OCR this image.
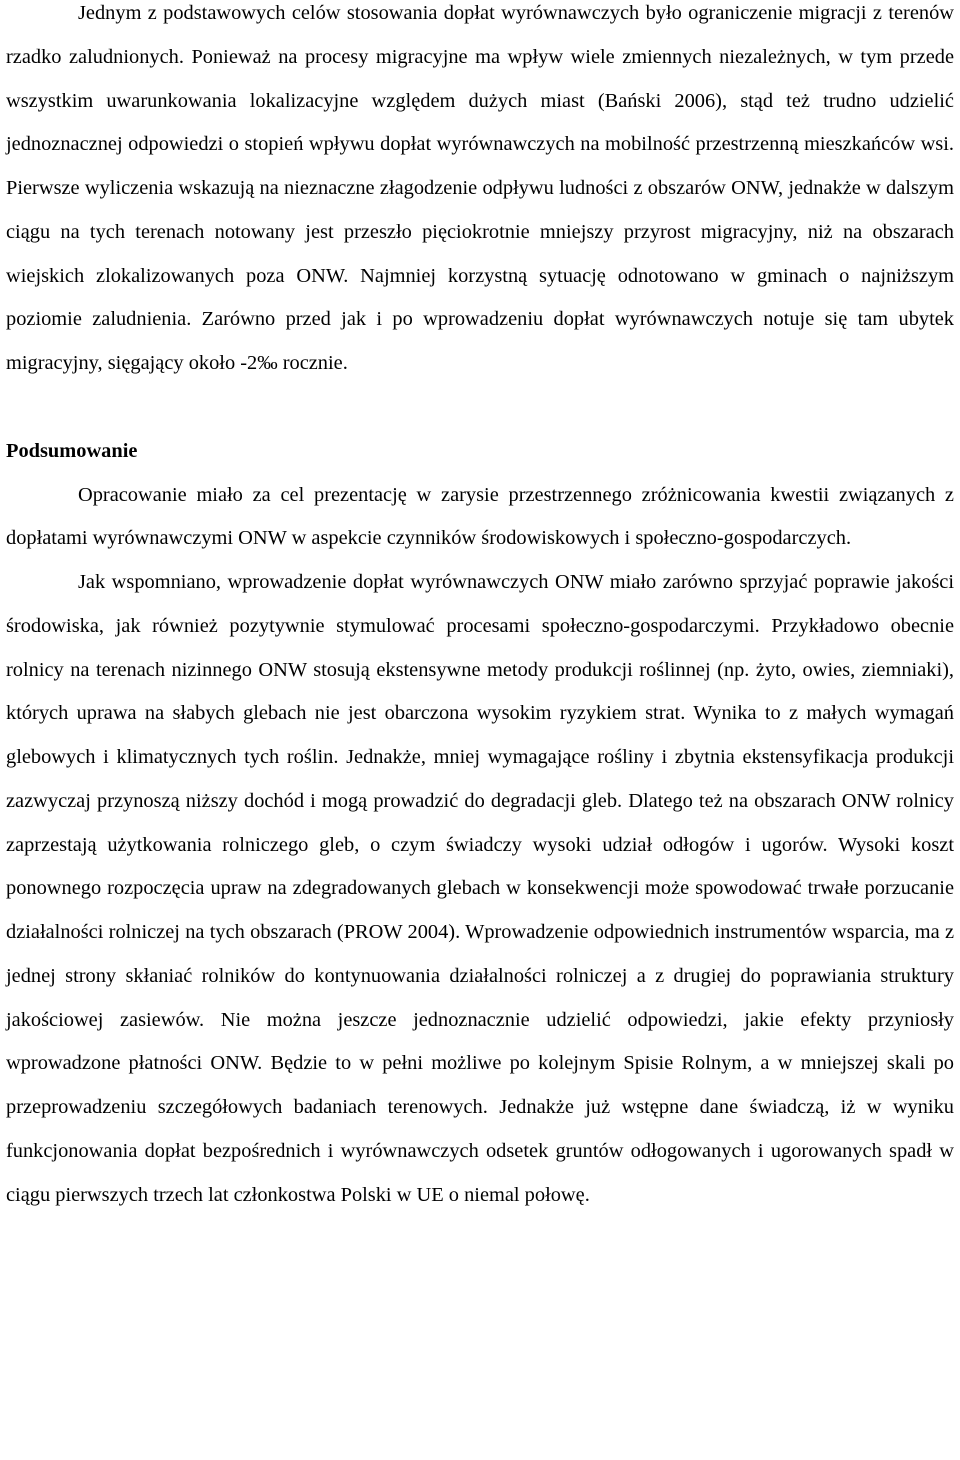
Jednym z podstawowych celów stosowania dopłat wyrównawczych było ograniczenie migracji z terenów rzadko zaludnionych. Ponieważ na procesy migracyjne ma wpływ wiele zmiennych niezależnych, w tym przede wszystkim uwarunkowania lokalizacyjne względem dużych miast (Bański 2006), stąd też trudno udzielić jednoznacznej odpowiedzi o stopień wpływu dopłat wyrównawczych na mobilność przestrzenną mieszkańców wsi. Pierwsze wyliczenia wskazują na nieznaczne złagodzenie odpływu ludności z obszarów ONW, jednakże w dalszym ciągu na tych terenach notowany jest przeszło pięciokrotnie mniejszy przyrost migracyjny, niż na obszarach wiejskich zlokalizowanych poza ONW. Najmniej korzystną sytuację odnotowano w gminach o najniższym poziomie zaludnienia. Zarówno przed jak i po wprowadzeniu dopłat wyrównawczych notuje się tam ubytek migracyjny, sięgający około -2‰ rocznie.

Podsumowanie

Opracowanie miało za cel prezentację w zarysie przestrzennego zróżnicowania kwestii związanych z dopłatami wyrównawczymi ONW w aspekcie czynników środowiskowych i społeczno-gospodarczych.

Jak wspomniano, wprowadzenie dopłat wyrównawczych ONW miało zarówno sprzyjać poprawie jakości środowiska, jak również pozytywnie stymulować procesami społeczno-gospodarczymi. Przykładowo obecnie rolnicy na terenach nizinnego ONW stosują ekstensywne metody produkcji roślinnej (np. żyto, owies, ziemniaki), których uprawa na słabych glebach nie jest obarczona wysokim ryzykiem strat. Wynika to z małych wymagań glebowych i klimatycznych tych roślin. Jednakże, mniej wymagające rośliny i zbytnia ekstensyfikacja produkcji zazwyczaj przynoszą niższy dochód i mogą prowadzić do degradacji gleb. Dlatego też na obszarach ONW rolnicy zaprzestają użytkowania rolniczego gleb, o czym świadczy wysoki udział odłogów i ugorów. Wysoki koszt ponownego rozpoczęcia upraw na zdegradowanych glebach w konsekwencji może spowodować trwałe porzucanie działalności rolniczej na tych obszarach (PROW 2004). Wprowadzenie odpowiednich instrumentów wsparcia, ma z jednej strony skłaniać rolników do kontynuowania działalności rolniczej a z drugiej do poprawiania struktury jakościowej zasiewów. Nie można jeszcze jednoznacznie udzielić odpowiedzi, jakie efekty przyniosły wprowadzone płatności ONW. Będzie to w pełni możliwe po kolejnym Spisie Rolnym, a w mniejszej skali po przeprowadzeniu szczegółowych badaniach terenowych. Jednakże już wstępne dane świadczą, iż w wyniku funkcjonowania dopłat bezpośrednich i wyrównawczych odsetek gruntów odłogowanych i ugorowanych spadł w ciągu pierwszych trzech lat członkostwa Polski w UE o niemal połowę.
